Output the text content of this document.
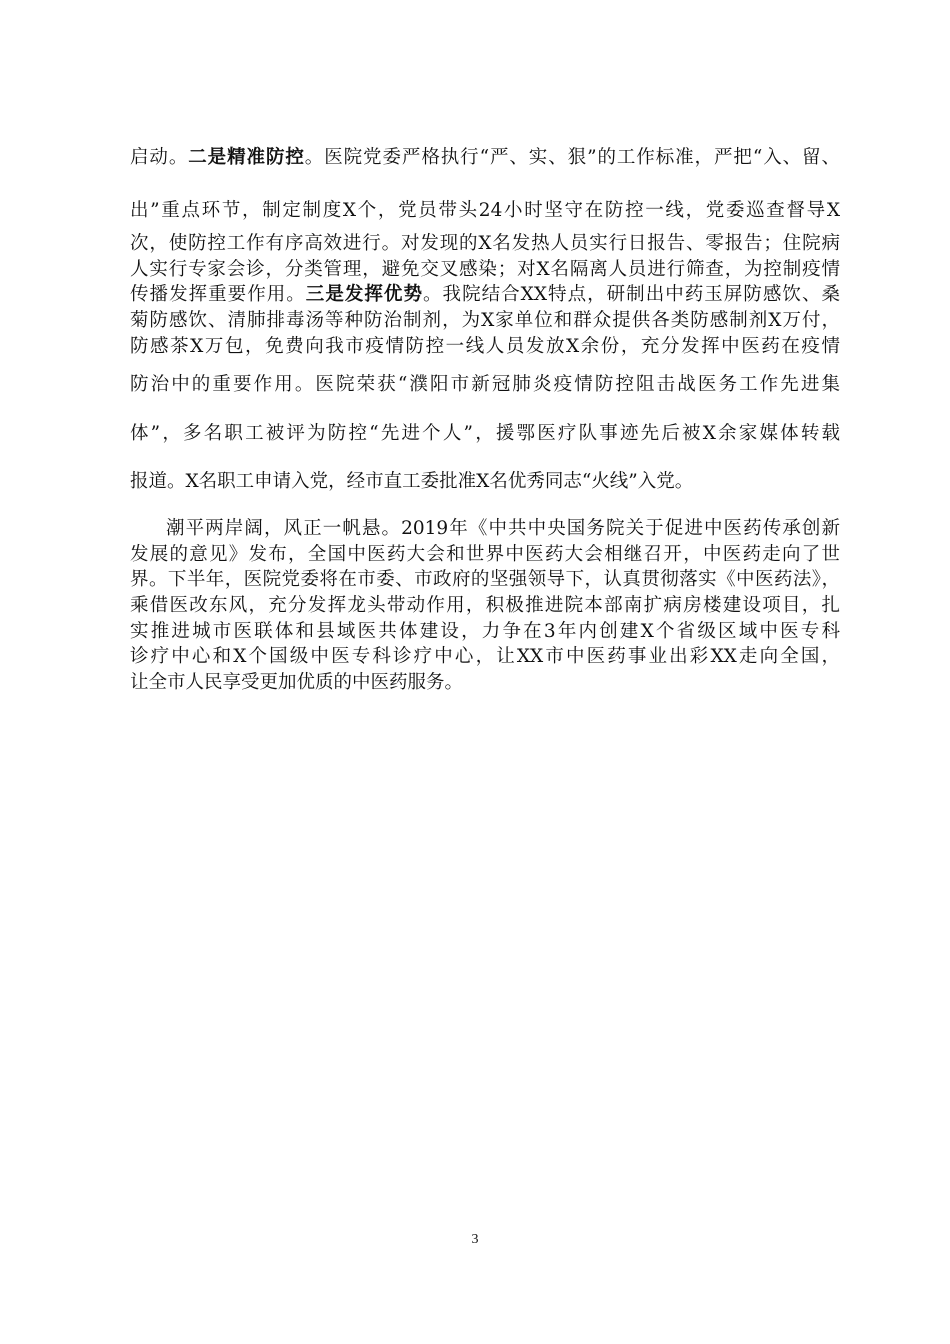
启动。二是精准防控。医院党委严格执行“严、实、狠”的工作标准，严把“入、留、
出”重点环节，制定制度X个，党员带头24小时坚守在防控一线，党委巡查督导X
次，使防控工作有序高效进行。对发现的X名发热人员实行日报告、零报告；住院病
人实行专家会诊，分类管理，避免交叉感染；对X名隔离人员进行筛查，为控制疫情
传播发挥重要作用。三是发挥优势。我院结合XX特点，研制出中药玉屏防感饮、桑
菊防感饮、清肺排毒汤等种防治制剂，为X家单位和群众提供各类防感制剂X万付，
防感茶X万包，免费向我市疫情防控一线人员发放X余份，充分发挥中医药在疫情
防治中的重要作用。医院荣获“濮阳市新冠肺炎疫情防控阻击战医务工作先进集
体”，多名职工被评为防控“先进个人”，援鄂医疗队事迹先后被X余家媒体转载
报道。X名职工申请入党，经市直工委批准X名优秀同志“火线”入党。
潮平两岸阔，风正一帆悬。2019年《中共中央国务院关于促进中医药传承创新
发展的意见》发布，全国中医药大会和世界中医药大会相继召开，中医药走向了世
界。下半年，医院党委将在市委、市政府的坚强领导下，认真贯彻落实《中医药法》，
乘借医改东风，充分发挥龙头带动作用，积极推进院本部南扩病房楼建设项目，扎
实推进城市医联体和县域医共体建设，力争在3年内创建X个省级区域中医专科
诊疗中心和X个国级中医专科诊疗中心，让XX市中医药事业出彩XX走向全国，
让全市人民享受更加优质的中医药服务。
3
